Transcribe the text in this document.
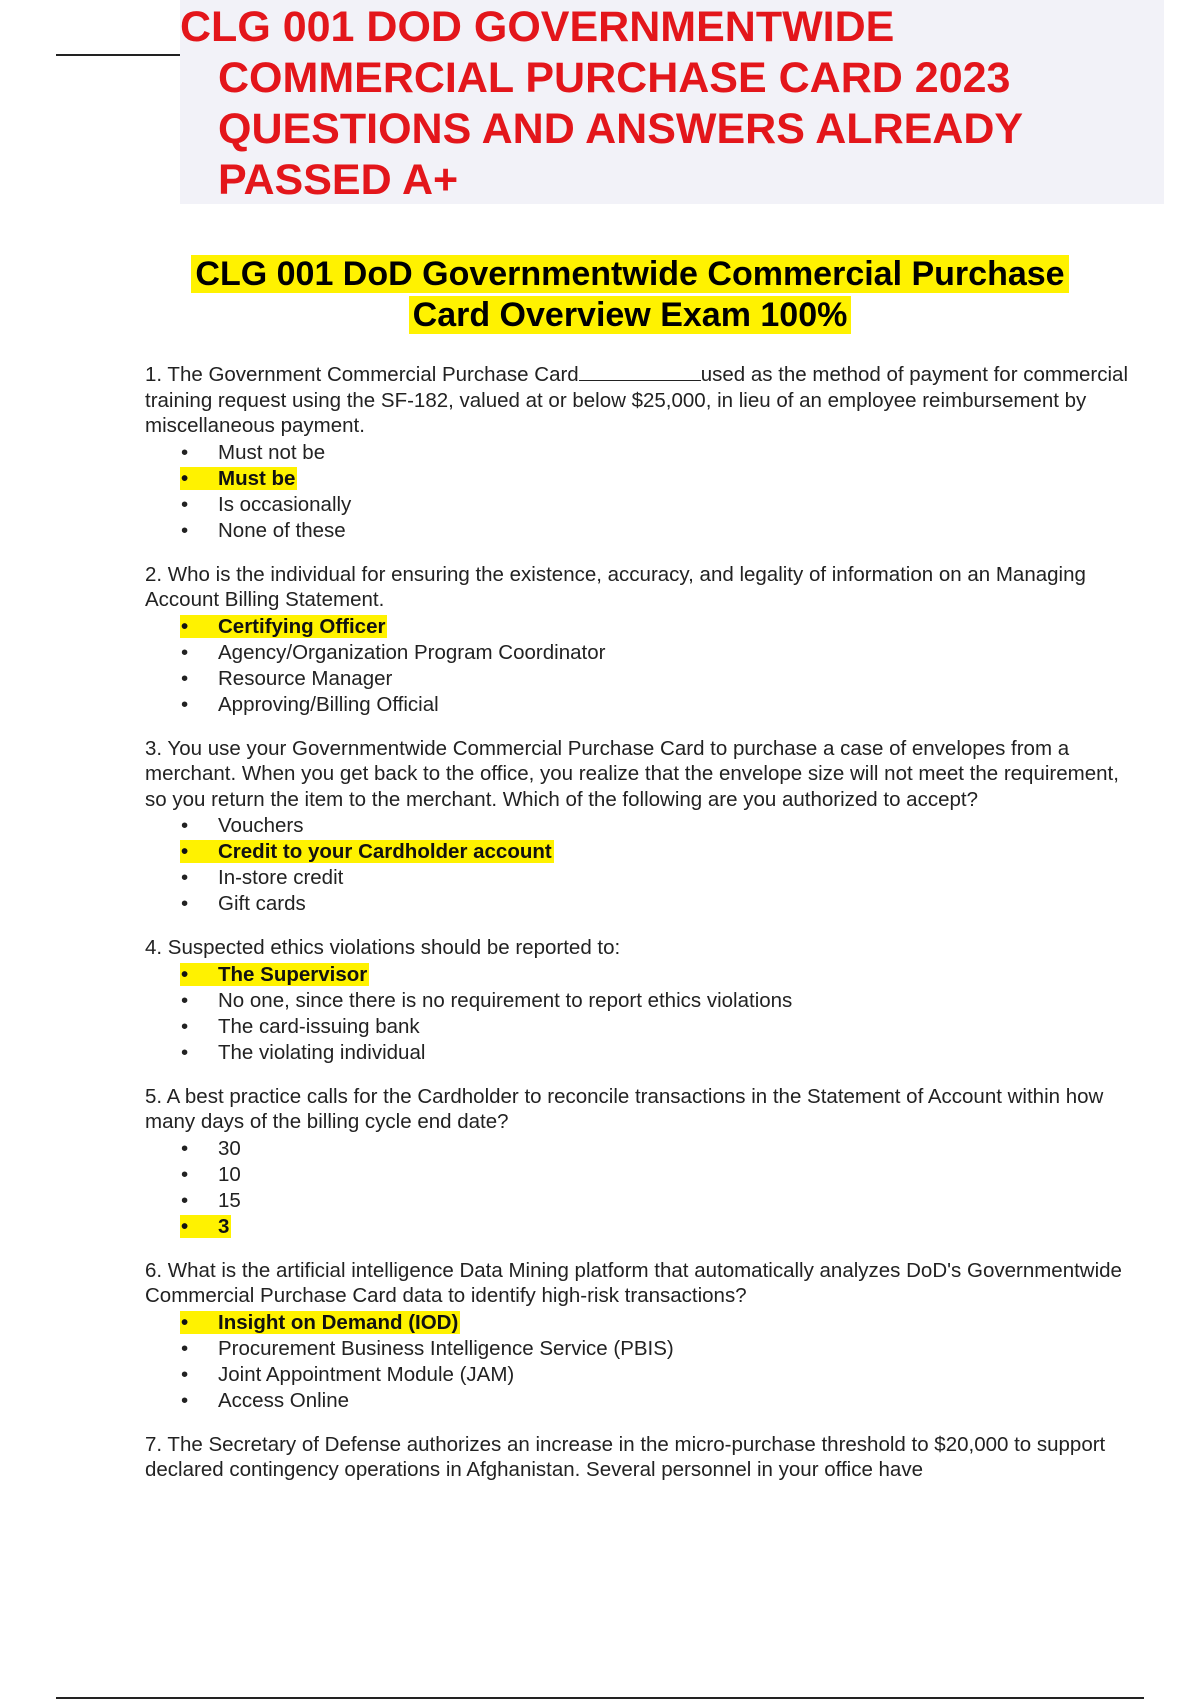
CLG 001 DOD GOVERNMENTWIDE
COMMERCIAL PURCHASE CARD 2023
QUESTIONS AND ANSWERS ALREADY
PASSED A+
CLG 001 DoD Governmentwide Commercial Purchase
Card Overview Exam 100%
1. The Government Commercial Purchase Card	used as the method of payment for commercial training request using the SF-182, valued at or below $25,000, in lieu of an employee reimbursement by miscellaneous payment.
• Must not be
• Must be
• Is occasionally
• None of these
2. Who is the individual for ensuring the existence, accuracy, and legality of information on an Managing Account Billing Statement.
• Certifying Officer
• Agency/Organization Program Coordinator
• Resource Manager
• Approving/Billing Official
3. You use your Governmentwide Commercial Purchase Card to purchase a case of envelopes from a merchant. When you get back to the office, you realize that the envelope size will not meet the requirement, so you return the item to the merchant. Which of the following are you authorized to accept?
• Vouchers
• Credit to your Cardholder account
• In-store credit
• Gift cards
4. Suspected ethics violations should be reported to:
• The Supervisor
• No one, since there is no requirement to report ethics violations
• The card-issuing bank
• The violating individual
5. A best practice calls for the Cardholder to reconcile transactions in the Statement of Account within how many days of the billing cycle end date?
• 30
• 10
• 15
• 3
6. What is the artificial intelligence Data Mining platform that automatically analyzes DoD's Governmentwide Commercial Purchase Card data to identify high-risk transactions?
• Insight on Demand (IOD)
• Procurement Business Intelligence Service (PBIS)
• Joint Appointment Module (JAM)
• Access Online
7. The Secretary of Defense authorizes an increase in the micro-purchase threshold to $20,000 to support declared contingency operations in Afghanistan. Several personnel in your office have
